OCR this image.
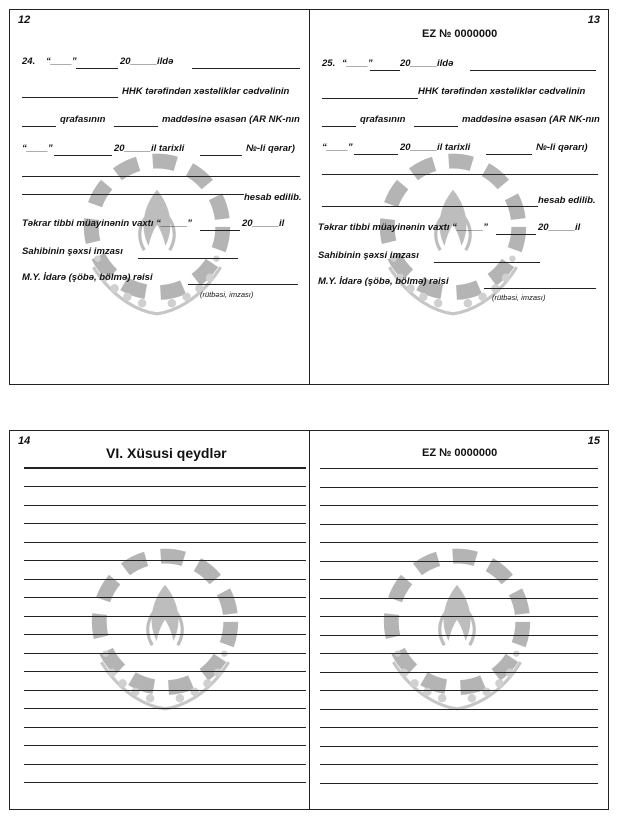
12
24. “____”	20_____ildə
HHK tərəfindən xəstəliklər cədvəlinin
qrafasının	maddəsinə əsasən (AR NK-nın
“____”	20_____il tarixli	№-li qərar)
hesab edilib.
Təkrar tibbi müayinənin vaxtı “_____”	20_____il
Sahibinin şəxsi imzası
M.Y. İdarə (şöbə, bölmə) rəisi
(rütbəsi, imzası)
13
EZ № 0000000
25. “____”	20_____ildə
HHK tərəfindən xəstəliklər cədvəlinin
qrafasının	maddəsinə əsasən (AR NK-nın
“____”	20_____il tarixli	№-li qərarı)
hesab edilib.
Təkrar tibbi müayinənin vaxtı “_____”	20_____il
Sahibinin şəxsi imzası
M.Y. İdarə (şöbə, bölmə) rəisi
(rütbəsi, imzası)
14
VI. Xüsusi qeydlər
15
EZ № 0000000
